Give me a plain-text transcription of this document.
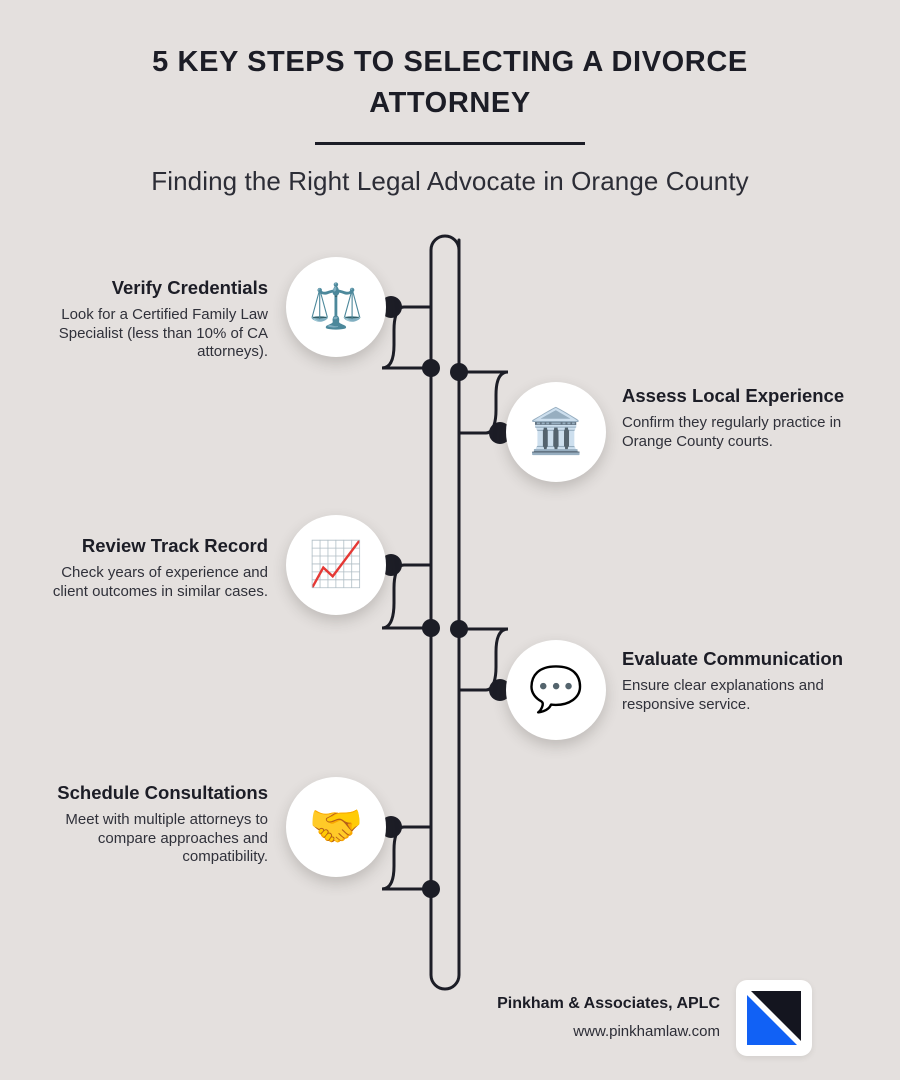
5 KEY STEPS TO SELECTING A DIVORCE ATTORNEY
Finding the Right Legal Advocate in Orange County
⚖️

Verify Credentials

Look for a Certified Family Law Specialist (less than 10% of CA attorneys).

🏛️

Assess Local Experience

Confirm they regularly practice in Orange County courts.

📈

Review Track Record

Check years of experience and client outcomes in similar cases.

💬

Evaluate Communication

Ensure clear explanations and responsive service.

🤝

Schedule Consultations

Meet with multiple attorneys to compare approaches and compatibility.

Pinkham & Associates, APLC
www.pinkhamlaw.com
